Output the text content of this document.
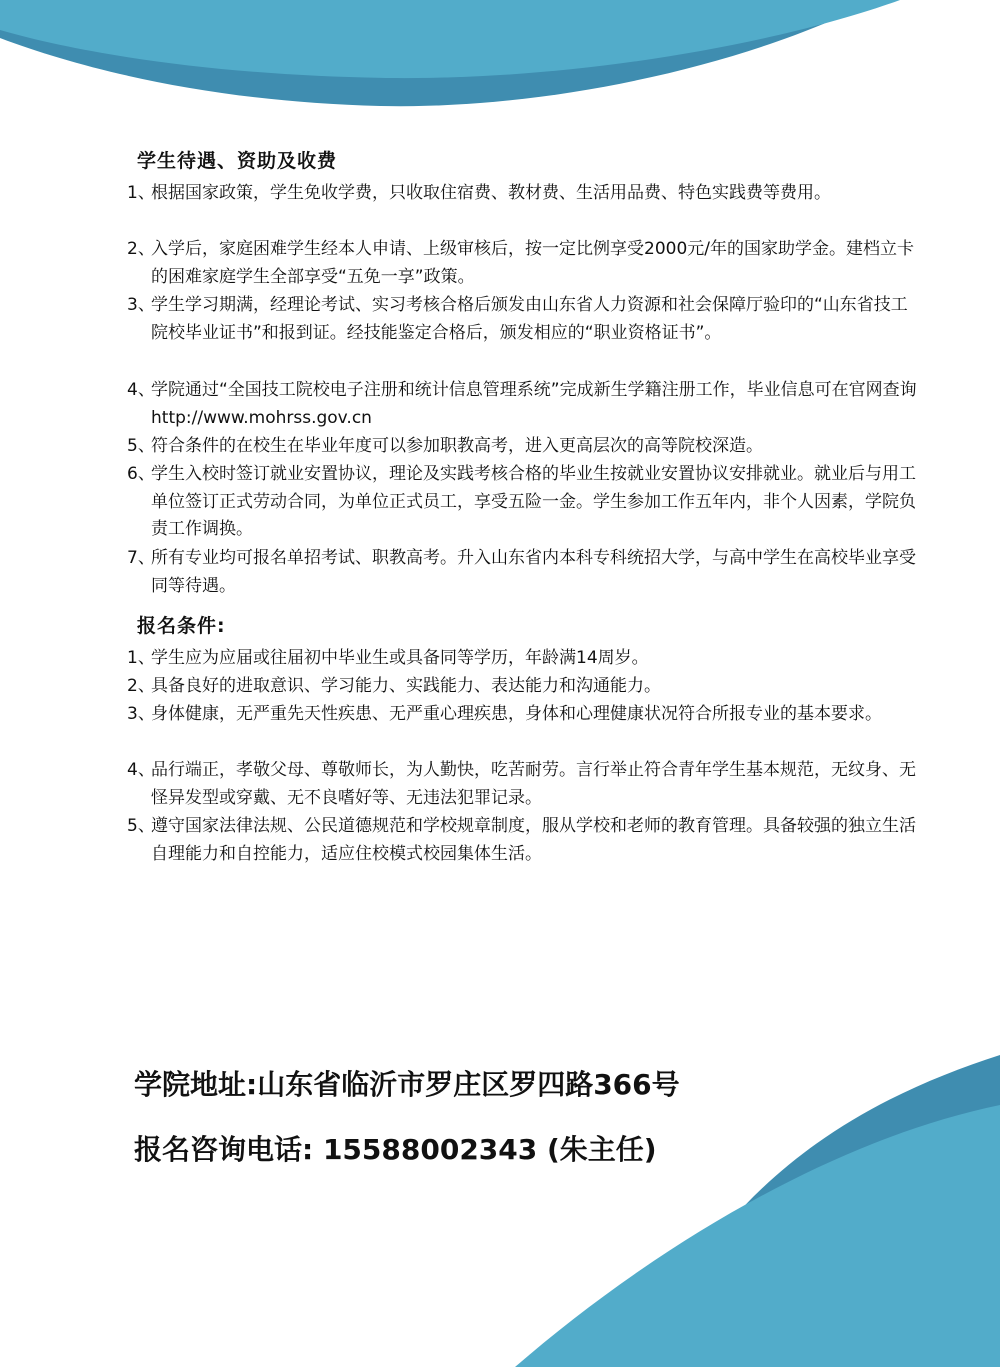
学生待遇、资助及收费
1、
根据国家政策，学生免收学费，只收取住宿费、教材费、生活用品费、特色实践费等费用。
2、
入学后，家庭困难学生经本人申请、上级审核后，按一定比例享受2000元/年的国家助学金。建档立卡的困难家庭学生全部享受“五免一享”政策。
3、
学生学习期满，经理论考试、实习考核合格后颁发由山东省人力资源和社会保障厅验印的“山东省技工院校毕业证书”和报到证。经技能鉴定合格后，颁发相应的“职业资格证书”。
4、
学院通过“全国技工院校电子注册和统计信息管理系统”完成新生学籍注册工作，毕业信息可在官网查询http://www.mohrss.gov.cn
5、
符合条件的在校生在毕业年度可以参加职教高考，进入更高层次的高等院校深造。
6、
学生入校时签订就业安置协议，理论及实践考核合格的毕业生按就业安置协议安排就业。就业后与用工单位签订正式劳动合同，为单位正式员工，享受五险一金。学生参加工作五年内，非个人因素，学院负责工作调换。
7、
所有专业均可报名单招考试、职教高考。升入山东省内本科专科统招大学，与高中学生在高校毕业享受同等待遇。
报名条件:
1、
学生应为应届或往届初中毕业生或具备同等学历，年龄满14周岁。
2、
具备良好的进取意识、学习能力、实践能力、表达能力和沟通能力。
3、
身体健康，无严重先天性疾患、无严重心理疾患，身体和心理健康状况符合所报专业的基本要求。
4、
品行端正，孝敬父母、尊敬师长，为人勤快，吃苦耐劳。言行举止符合青年学生基本规范，无纹身、无怪异发型或穿戴、无不良嗜好等、无违法犯罪记录。
5、
遵守国家法律法规、公民道德规范和学校规章制度，服从学校和老师的教育管理。具备较强的独立生活自理能力和自控能力，适应住校模式校园集体生活。
学院地址:山东省临沂市罗庄区罗四路366号
报名咨询电话: 15588002343 (朱主任)
